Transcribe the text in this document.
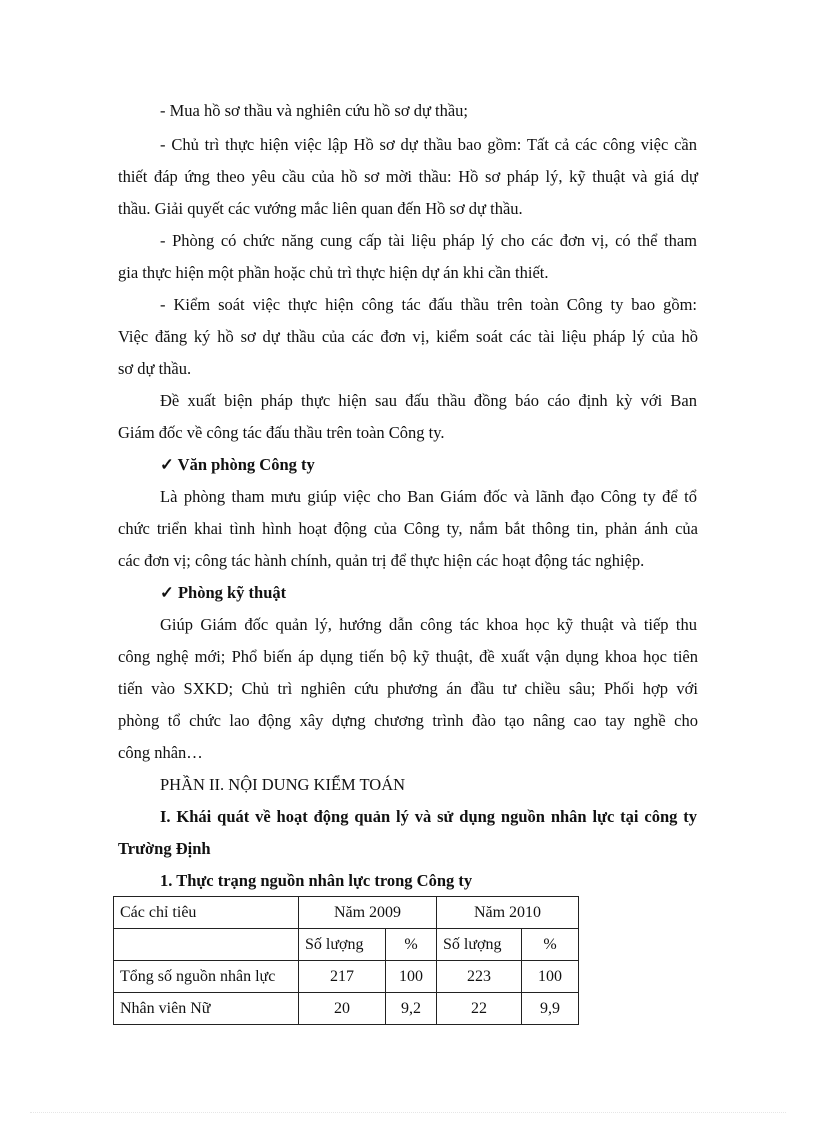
- Mua hồ sơ thầu và nghiên cứu hồ sơ dự thầu;
- Chủ trì thực hiện việc lập Hồ sơ dự thầu bao gồm: Tất cả các công việc cần
thiết đáp ứng theo yêu cầu của hồ sơ mời thầu: Hồ sơ pháp lý, kỹ thuật và giá dự
thầu. Giải quyết các vướng mắc liên quan đến Hồ sơ dự thầu.
- Phòng có chức năng cung cấp tài liệu pháp lý cho các đơn vị, có thể tham
gia thực hiện một phần hoặc chủ trì thực hiện dự án khi cần thiết.
- Kiểm soát việc thực hiện công tác đấu thầu trên toàn Công ty bao gồm:
Việc đăng ký hồ sơ dự thầu của các đơn vị, kiểm soát các tài liệu pháp lý của hồ
sơ dự thầu.
Đề xuất biện pháp thực hiện sau đấu thầu đồng báo cáo định kỳ với Ban
Giám đốc về công tác đấu thầu trên toàn Công ty.
✓ Văn phòng Công ty
Là phòng tham mưu giúp việc cho Ban Giám đốc và lãnh đạo Công ty để tổ
chức triển khai tình hình hoạt động của Công ty, nắm bắt thông tin, phản ánh của
các đơn vị; công tác hành chính, quản trị để thực hiện các hoạt động tác nghiệp.
✓ Phòng kỹ thuật
Giúp Giám đốc quản lý, hướng dẫn công tác khoa học kỹ thuật và tiếp thu
công nghệ mới; Phổ biến áp dụng tiến bộ kỹ thuật, đề xuất vận dụng khoa học tiên
tiến vào SXKD; Chủ trì nghiên cứu phương án đầu tư chiều sâu; Phối hợp với
phòng tổ chức lao động xây dựng chương trình đào tạo nâng cao tay nghề cho
công nhân…
PHẦN II. NỘI DUNG KIỂM TOÁN
I. Khái quát về hoạt động quản lý và sử dụng nguồn nhân lực tại công ty
Trường Định
1. Thực trạng nguồn nhân lực trong Công ty
Các chỉ tiêu	Năm 2009		Năm 2010	
	Số lượng	%	Số lượng	%
Tổng số nguồn nhân lực	217	100	223	100
Nhân viên Nữ	20	9,2	22	9,9
